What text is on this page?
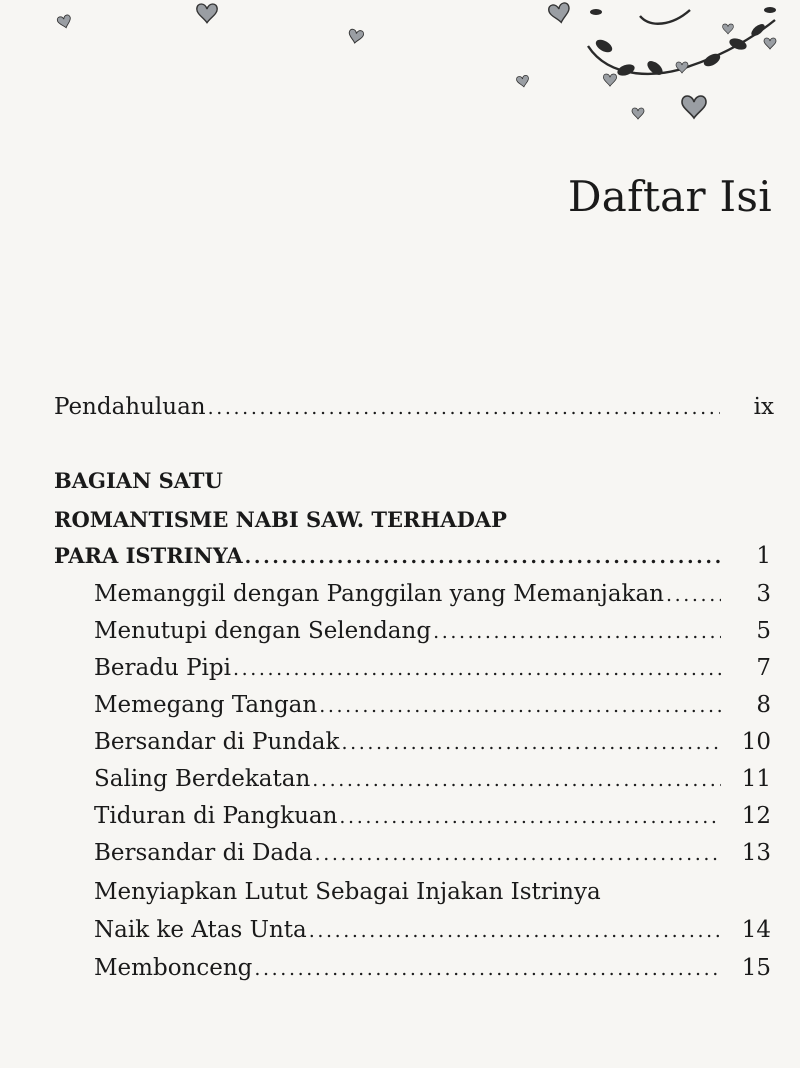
Daftar Isi
Pendahuluan .....	ix
BAGIAN SATU
ROMANTISME NABI SAW. TERHADAP
PARA ISTRINYA .....	1
Memanggil dengan Panggilan yang Memanjakan .....	3
Menutupi dengan Selendang .....	5
Beradu Pipi .....	7
Memegang Tangan .....	8
Bersandar di Pundak .....	10
Saling Berdekatan .....	11
Tiduran di Pangkuan .....	12
Bersandar di Dada .....	13
Menyiapkan Lutut Sebagai Injakan Istrinya
Naik ke Atas Unta .....	14
Membonceng .....	15
